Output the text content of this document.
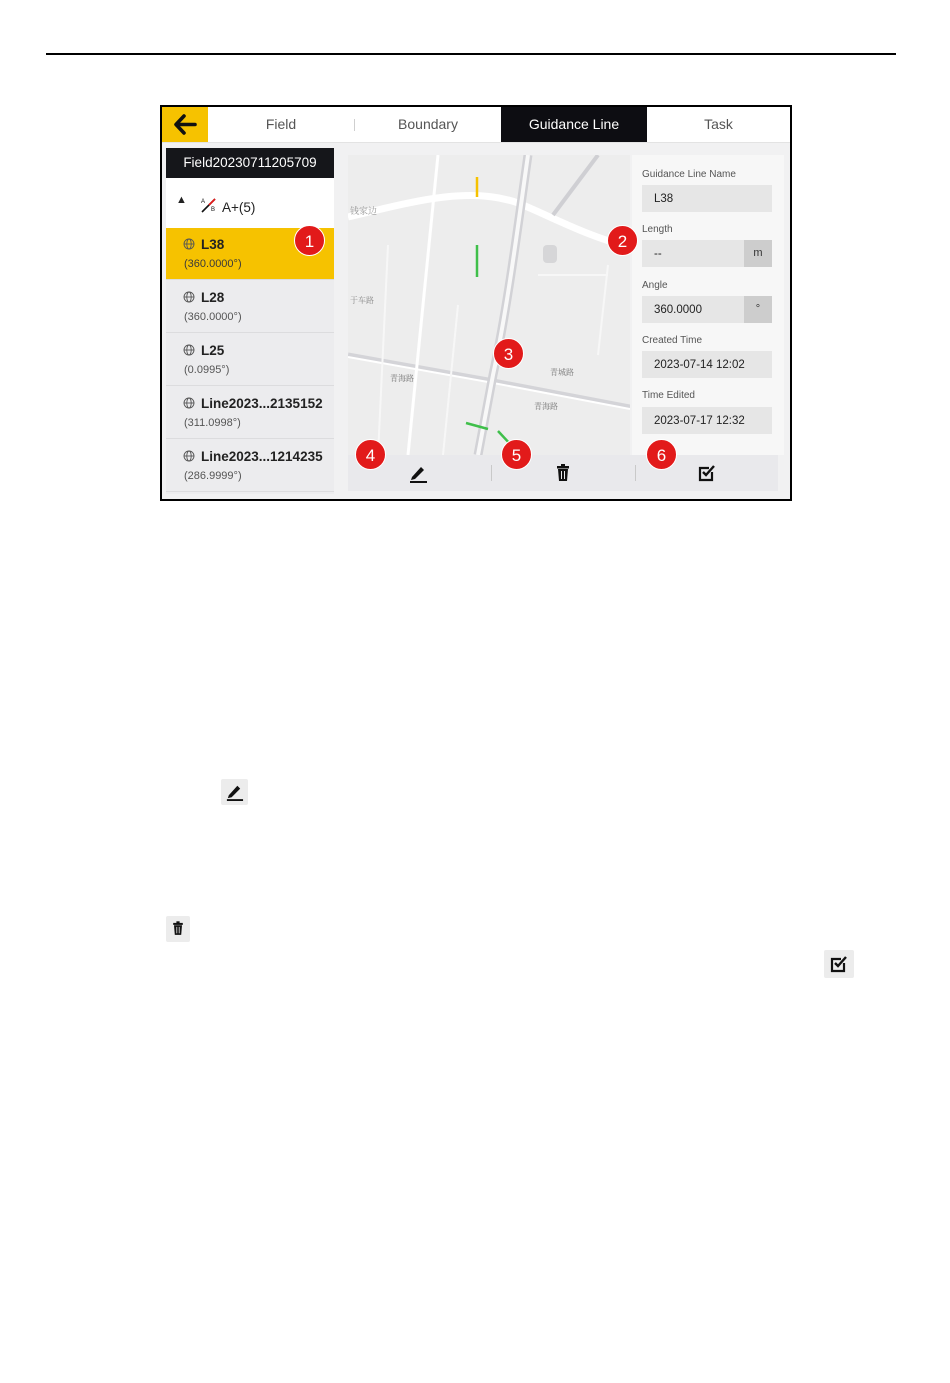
Field	Boundary	Guidance Line	Task
Field20230711205709
▲ A
B A+(5)
L38
(360.0000°)
L28
(360.0000°)
L25
(0.0995°)
Line2023...2135152
(311.0998°)
Line2023...1214235
(286.9999°)
钱家边
青海路
青城路
青海路
于车路
Guidance Line Name
L38
Length
--
m
Angle
360.0000
°
Created Time
2023-07-14 12:02
Time Edited
2023-07-17 12:32
1	2
3
4	5	6
